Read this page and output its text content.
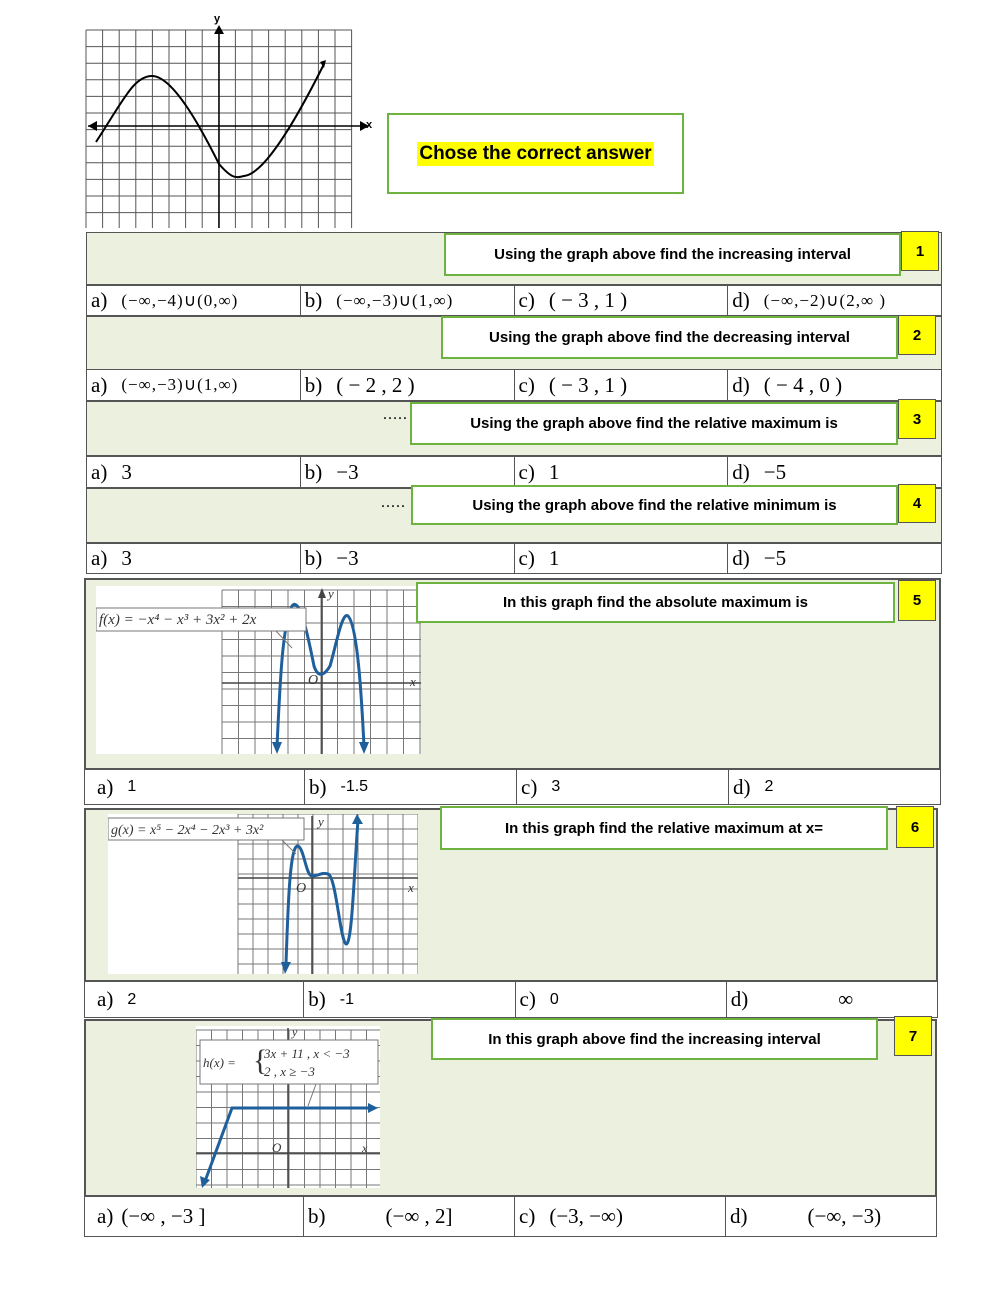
x
y
Chose the correct answer
Using the graph above find the increasing interval	1
a) (−∞,−4)∪(0,∞)	b) (−∞,−3)∪(1,∞)	c) ( − 3 , 1 )	d) (−∞,−2)∪(2,∞ )
Using the graph above find the decreasing interval	2
a) (−∞,−3)∪(1,∞)	b) ( − 2 , 2 )	c) ( − 3 , 1 )	d) ( − 4 , 0 )
.....
Using the graph above find the relative maximum is	3
a) 3	b) −3	c) 1	d) −5
.....	Using the graph above find the relative minimum is	4
a) 3	b) −3	c) 1	d) −5
f(x) = −x⁴ − x³ + 3x² + 2x
y
x
O
In this graph find the absolute maximum is	5
a) 1	b) -1.5	c) 3	d) 2
g(x) = x⁵ − 2x⁴ − 2x³ + 3x²
y
x
O
In this graph find the relative maximum at x=	6
a) 2	b) -1	c) 0	d)	∞
h(x) = {
3x + 11 , x < −3
2 , x ≥ −3
y
x
O
In this graph above find the increasing interval	7
a) (−∞ , −3 ]	b)	(−∞ , 2]	c) (−3, −∞)	d)	(−∞, −3)
